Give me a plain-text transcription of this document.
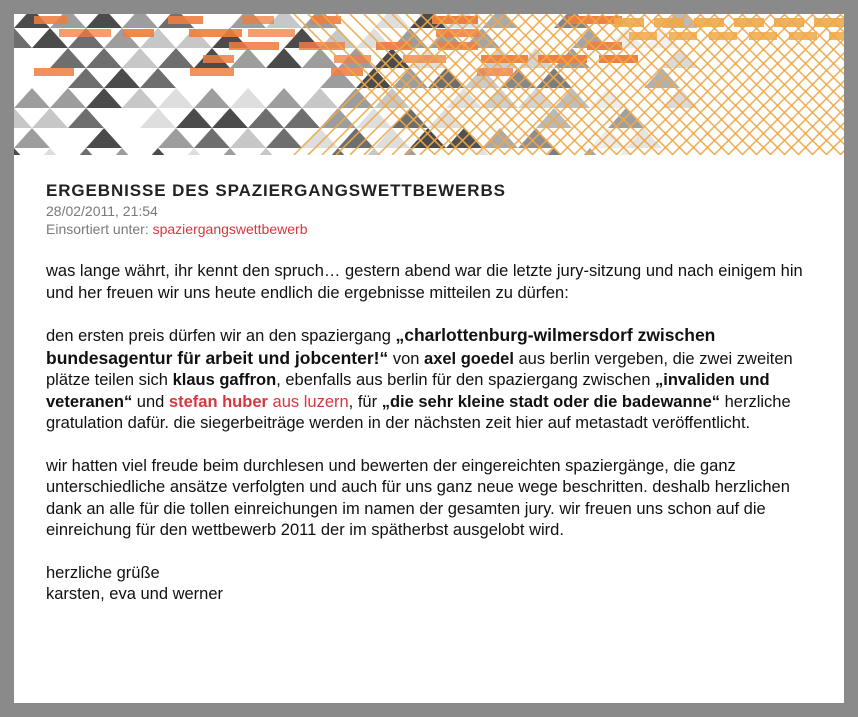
ERGEBNISSE DES SPAZIERGANGSWETTBEWERBS
28/02/2011, 21:54
Einsortiert unter: spaziergangswettbewerb

was lange währt, ihr kennt den spruch… gestern abend war die letzte jury-sitzung und nach einigem hin und her freuen wir uns heute endlich die ergebnisse mitteilen zu dürfen:

den ersten preis dürfen wir an den spaziergang „charlottenburg-wilmersdorf zwischen bundesagentur für arbeit und jobcenter!“ von axel goedel aus berlin vergeben, die zwei zweiten plätze teilen sich klaus gaffron, ebenfalls aus berlin für den spaziergang zwischen „invaliden und veteranen“ und stefan huber aus luzern, für „die sehr kleine stadt oder die badewanne“ herzliche gratulation dafür. die siegerbeiträge werden in der nächsten zeit hier auf metastadt veröffentlicht.

wir hatten viel freude beim durchlesen und bewerten der eingereichten spaziergänge, die ganz unterschiedliche ansätze verfolgten und auch für uns ganz neue wege beschritten. deshalb herzlichen dank an alle für die tollen einreichungen im namen der gesamten jury. wir freuen uns schon auf die einreichung für den wettbewerb 2011 der im spätherbst ausgelobt wird.

herzliche grüße
karsten, eva und werner
